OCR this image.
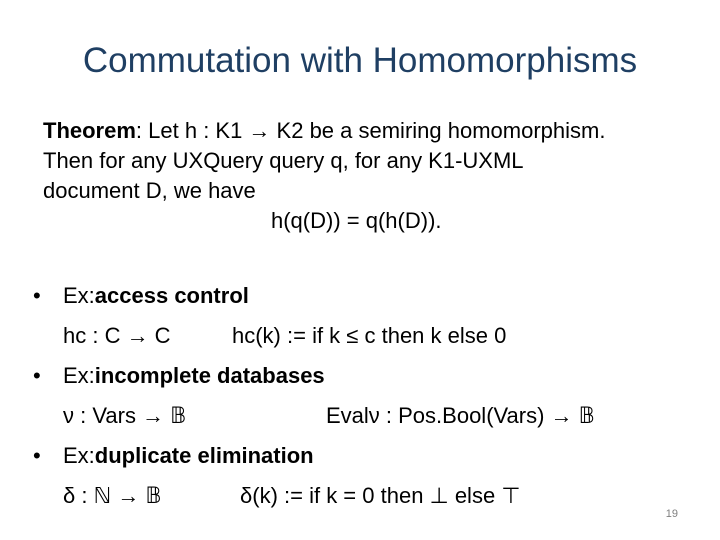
Commutation with Homomorphisms
Theorem: Let h : K1 → K2 be a semiring homomorphism.
Then for any UXQuery query q, for any K1-UXML
document D, we have
h(q(D)) = q(h(D)).
•	Ex: access control
hc : C → C	hc(k) := if k ≤ c then k else 0
•	Ex: incomplete databases
ν : Vars → 𝔹	Evalν : Pos.Bool(Vars) → 𝔹
•	Ex: duplicate elimination
δ : ℕ → 𝔹	δ(k) := if k = 0 then ⊥ else ⊤
19
